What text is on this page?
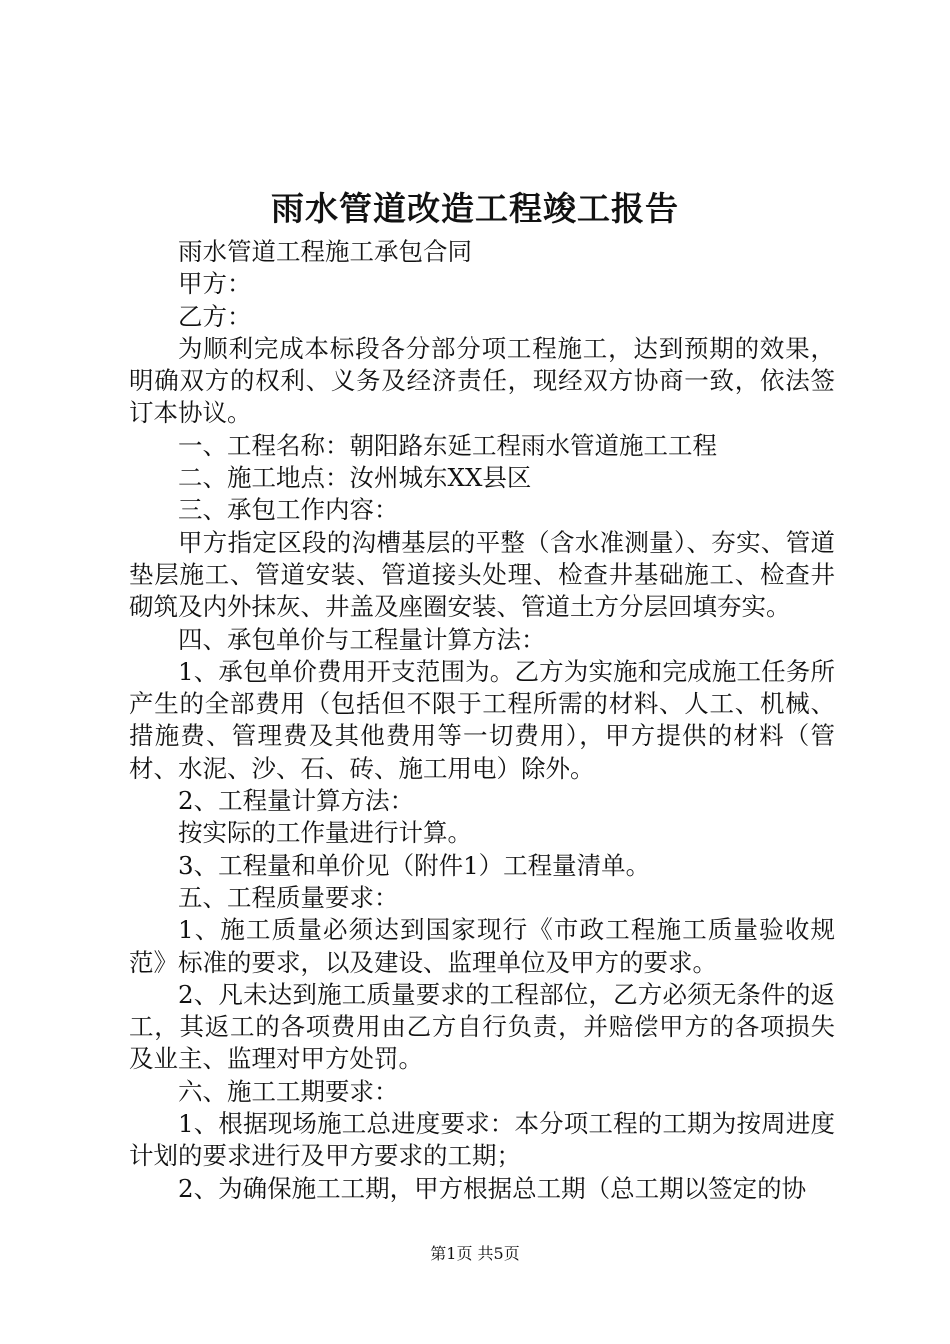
雨水管道改造工程竣工报告

雨水管道工程施工承包合同

甲方：

乙方：

为顺利完成本标段各分部分项工程施工，达到预期的效果，明确双方的权利、义务及经济责任，现经双方协商一致，依法签订本协议。

一、工程名称：朝阳路东延工程雨水管道施工工程

二、施工地点：汝州城东XX县区

三、承包工作内容：

甲方指定区段的沟槽基层的平整（含水准测量）、夯实、管道垫层施工、管道安装、管道接头处理、检查井基础施工、检查井砌筑及内外抹灰、井盖及座圈安装、管道土方分层回填夯实。

四、承包单价与工程量计算方法：

1、承包单价费用开支范围为。乙方为实施和完成施工任务所产生的全部费用（包括但不限于工程所需的材料、人工、机械、措施费、管理费及其他费用等一切费用），甲方提供的材料（管材、水泥、沙、石、砖、施工用电）除外。

2、工程量计算方法：

按实际的工作量进行计算。

3、工程量和单价见（附件1）工程量清单。

五、工程质量要求：

1、施工质量必须达到国家现行《市政工程施工质量验收规范》标准的要求，以及建设、监理单位及甲方的要求。

2、凡未达到施工质量要求的工程部位，乙方必须无条件的返工，其返工的各项费用由乙方自行负责，并赔偿甲方的各项损失及业主、监理对甲方处罚。

六、施工工期要求：

1、根据现场施工总进度要求：本分项工程的工期为按周进度计划的要求进行及甲方要求的工期；

2、为确保施工工期，甲方根据总工期（总工期以签定的协

第1页 共5页
